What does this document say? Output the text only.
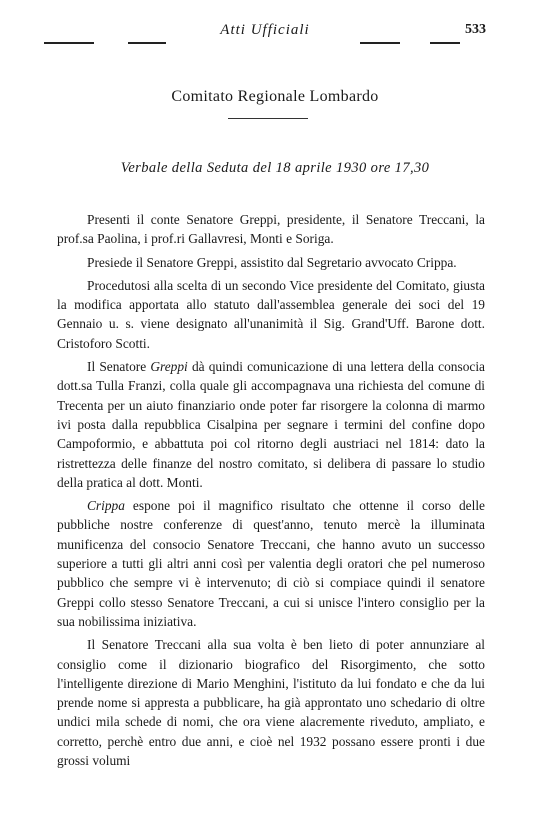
Atti Ufficiali	533
Comitato Regionale Lombardo
Verbale della Seduta del 18 aprile 1930 ore 17,30

Presenti il conte Senatore Greppi, presidente, il Senatore Treccani, la prof.sa Paolina, i prof.ri Gallavresi, Monti e Soriga.

Presiede il Senatore Greppi, assistito dal Segretario avvocato Crippa.

Procedutosi alla scelta di un secondo Vice presidente del Comitato, giusta la modifica apportata allo statuto dall'assemblea generale dei soci del 19 Gennaio u. s. viene designato all'unanimità il Sig. Grand'Uff. Barone dott. Cristoforo Scotti.

Il Senatore Greppi dà quindi comunicazione di una lettera della consocia dott.sa Tulla Franzi, colla quale gli accompagnava una richiesta del comune di Trecenta per un aiuto finanziario onde poter far risorgere la colonna di marmo ivi posta dalla repubblica Cisalpina per segnare i termini del confine dopo Campoformio, e abbattuta poi col ritorno degli austriaci nel 1814: dato la ristrettezza delle finanze del nostro comitato, si delibera di passare lo studio della pratica al dott. Monti.

Crippa espone poi il magnifico risultato che ottenne il corso delle pubbliche nostre conferenze di quest'anno, tenuto mercè la illuminata munificenza del consocio Senatore Treccani, che hanno avuto un successo superiore a tutti gli altri anni così per valentia degli oratori che pel numeroso pubblico che sempre vi è intervenuto; di ciò si compiace quindi il senatore Greppi collo stesso Senatore Treccani, a cui si unisce l'intero consiglio per la sua nobilissima iniziativa.

Il Senatore Treccani alla sua volta è ben lieto di poter annunziare al consiglio come il dizionario biografico del Risorgimento, che sotto l'intelligente direzione di Mario Menghini, l'istituto da lui fondato e che da lui prende nome si appresta a pubblicare, ha già approntato uno schedario di oltre undici mila schede di nomi, che ora viene alacremente riveduto, ampliato, e corretto, perchè entro due anni, e cioè nel 1932 possano essere pronti i due grossi volumi
